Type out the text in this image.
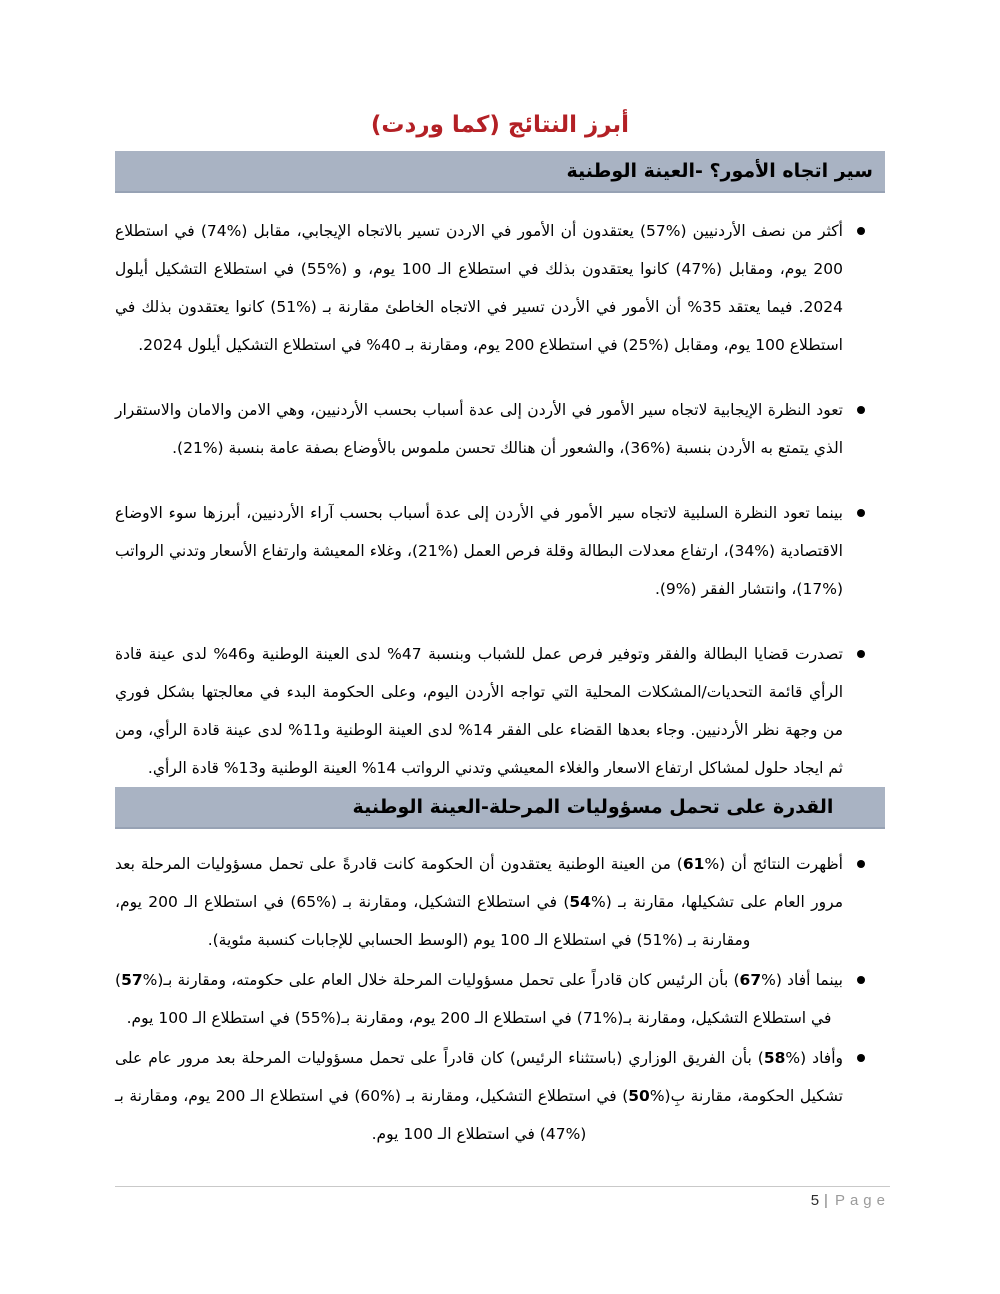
أبرز النتائج (كما وردت)
سير اتجاه الأمور؟ -العينة الوطنية
أكثر من نصف الأردنيين (%57) يعتقدون أن الأمور في الاردن تسير بالاتجاه الإيجابي، مقابل (%74) في استطلاع 200 يوم، ومقابل (%47) كانوا يعتقدون بذلك في استطلاع الـ 100 يوم، و (%55) في استطلاع التشكيل أيلول 2024. فيما يعتقد 35% أن الأمور في الأردن تسير في الاتجاه الخاطئ مقارنة بـ (%51) كانوا يعتقدون بذلك في استطلاع 100 يوم، ومقابل (%25) في استطلاع 200 يوم، ومقارنة بـ 40% في استطلاع التشكيل أيلول 2024.
تعود النظرة الإيجابية لاتجاه سير الأمور في الأردن إلى عدة أسباب بحسب الأردنيين، وهي الامن والامان والاستقرار الذي يتمتع به الأردن بنسبة (%36)، والشعور أن هنالك تحسن ملموس بالأوضاع بصفة عامة بنسبة (%21).
بينما تعود النظرة السلبية لاتجاه سير الأمور في الأردن إلى عدة أسباب بحسب آراء الأردنيين، أبرزها سوء الاوضاع الاقتصادية (%34)، ارتفاع معدلات البطالة وقلة فرص العمل (%21)، وغلاء المعيشة وارتفاع الأسعار وتدني الرواتب (%17)، وانتشار الفقر (%9).
تصدرت قضايا البطالة والفقر وتوفير فرص عمل للشباب وبنسبة 47% لدى العينة الوطنية و46% لدى عينة قادة الرأي قائمة التحديات/المشكلات المحلية التي تواجه الأردن اليوم، وعلى الحكومة البدء في معالجتها بشكل فوري من وجهة نظر الأردنيين. وجاء بعدها القضاء على الفقر 14% لدى العينة الوطنية و11% لدى عينة قادة الرأي، ومن ثم ايجاد حلول لمشاكل ارتفاع الاسعار والغلاء المعيشي وتدني الرواتب 14% العينة الوطنية و13% قادة الرأي.
القدرة على تحمل مسؤوليات المرحلة-العينة الوطنية
أظهرت النتائج أن (%61) من العينة الوطنية يعتقدون أن الحكومة كانت قادرةً على تحمل مسؤوليات المرحلة بعد مرور العام على تشكيلها، مقارنة بـ (%54) في استطلاع التشكيل، ومقارنة بـ (%65) في استطلاع الـ 200 يوم، ومقارنة بـ (%51) في استطلاع الـ 100 يوم (الوسط الحسابي للإجابات كنسبة مئوية).
بينما أفاد (%67) بأن الرئيس كان قادراً على تحمل مسؤوليات المرحلة خلال العام على حكومته، ومقارنة بـ(%57) في استطلاع التشكيل، ومقارنة بـ(%71) في استطلاع الـ 200 يوم، ومقارنة بـ(%55) في استطلاع الـ 100 يوم.
وأفاد (%58) بأن الفريق الوزاري (باستثناء الرئيس) كان قادراً على تحمل مسؤوليات المرحلة بعد مرور عام على تشكيل الحكومة، مقارنة بِ(%50) في استطلاع التشكيل، ومقارنة بـ (%60) في استطلاع الـ 200 يوم، ومقارنة بـ (%47) في استطلاع الـ 100 يوم.
5 | Page
